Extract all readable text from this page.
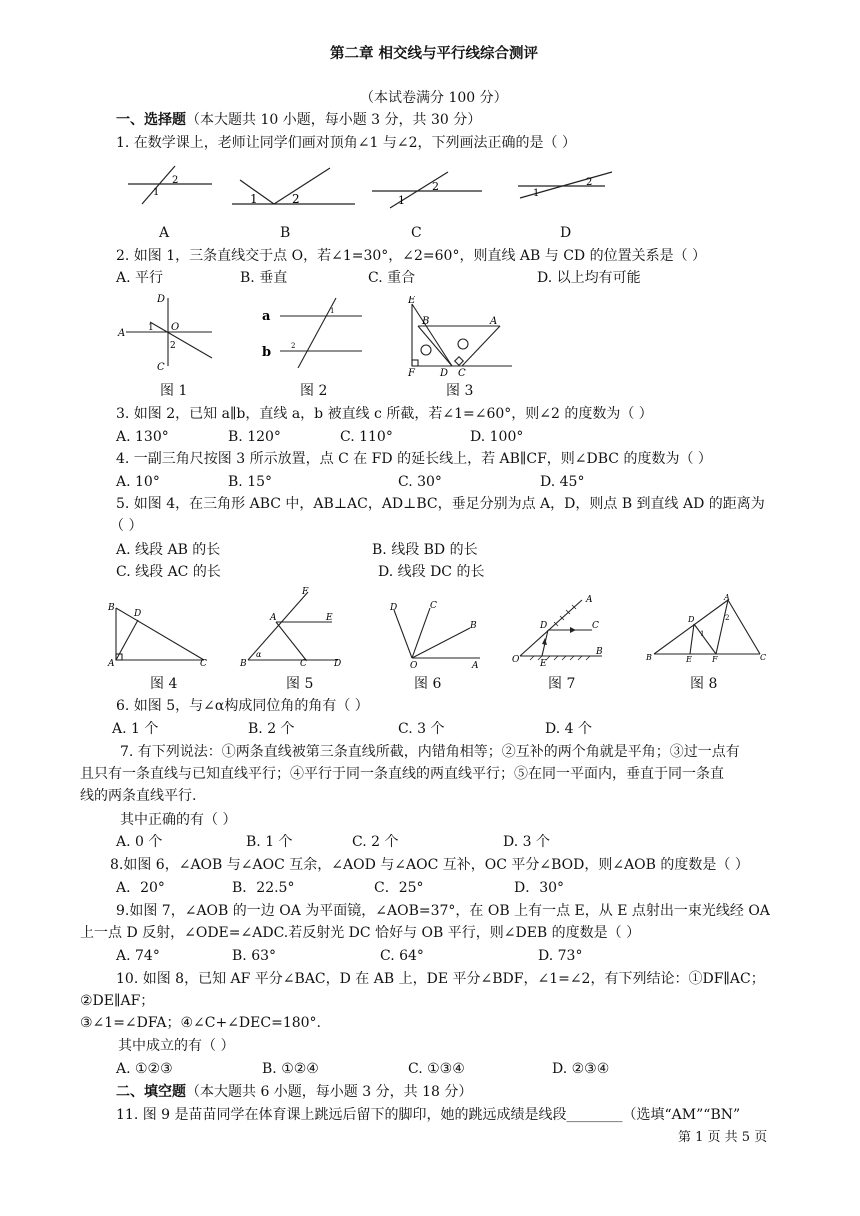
第二章 相交线与平行线综合测评
（本试卷满分 100 分）
一、选择题（本大题共 10 小题，每小题 3 分，共 30 分）
1. 在数学课上，老师让同学们画对顶角∠1 与∠2，下列画法正确的是（ ）
1
2
1	2	1
2
1
2
A	B	C	D
2. 如图 1，三条直线交于点 O，若∠1=30°，∠2=60°，则直线 AB 与 CD 的位置关系是（ ）
A. 平行	B. 垂直	C. 重合	D. 以上均有可能
A
D
O
1
2
C
a
b
1
2
E
B	A
F	D C
图 1	图 2	图 3
3. 如图 2，已知 a∥b，直线 a，b 被直线 c 所截，若∠1=∠60°，则∠2 的度数为（ ）
A. 130°	B. 120°	C. 110°	D. 100°
4. 一副三角尺按图 3 所示放置，点 C 在 FD 的延长线上，若 AB∥CF，则∠DBC 的度数为（ ）
A. 10°	B. 15°	C. 30°	D. 45°
5. 如图 4，在三角形 ABC 中，AB⊥AC，AD⊥BC，垂足分别为点 A，D，则点 B 到直线 AD 的距离为
（ ）
A. 线段 AB 的长	B. 线段 BD 的长
C. 线段 AC 的长	D. 线段 DC 的长
B
D
A	C
F
A	E
B
α
C	D
D	C
B
O	A
D	C
A
O E
B
A
D
1
2
B	E	F	C
图 4	图 5	图 6	图 7	图 8
6. 如图 5，与∠α构成同位角的角有（ ）
A. 1 个	B. 2 个	C. 3 个	D. 4 个
7. 有下列说法：①两条直线被第三条直线所截，内错角相等；②互补的两个角就是平角；③过一点有
且只有一条直线与已知直线平行；④平行于同一条直线的两直线平行；⑤在同一平面内，垂直于同一条直
线的两条直线平行.
其中正确的有（ ）
A. 0 个	B. 1 个	C. 2 个	D. 3 个
8.如图 6，∠AOB 与∠AOC 互余，∠AOD 与∠AOC 互补，OC 平分∠BOD，则∠AOB 的度数是（ ）
A．20°	B．22.5°	C．25°	D．30°
9.如图 7，∠AOB 的一边 OA 为平面镜，∠AOB=37°，在 OB 上有一点 E，从 E 点射出一束光线经 OA
上一点 D 反射，∠ODE=∠ADC.若反射光 DC 恰好与 OB 平行，则∠DEB 的度数是（ ）
A. 74°	B. 63°	C. 64°	D. 73°
10. 如图 8，已知 AF 平分∠BAC，D 在 AB 上，DE 平分∠BDF，∠1=∠2，有下列结论：①DF∥AC；
②DE∥AF；
③∠1=∠DFA；④∠C+∠DEC=180°.
其中成立的有（ ）
A. ①②③	B. ①②④	C. ①③④	D. ②③④
二、填空题（本大题共 6 小题，每小题 3 分，共 18 分）
11. 图 9 是苗苗同学在体育课上跳远后留下的脚印，她的跳远成绩是线段________（选填“AM”“BN”
第 1 页 共 5 页
